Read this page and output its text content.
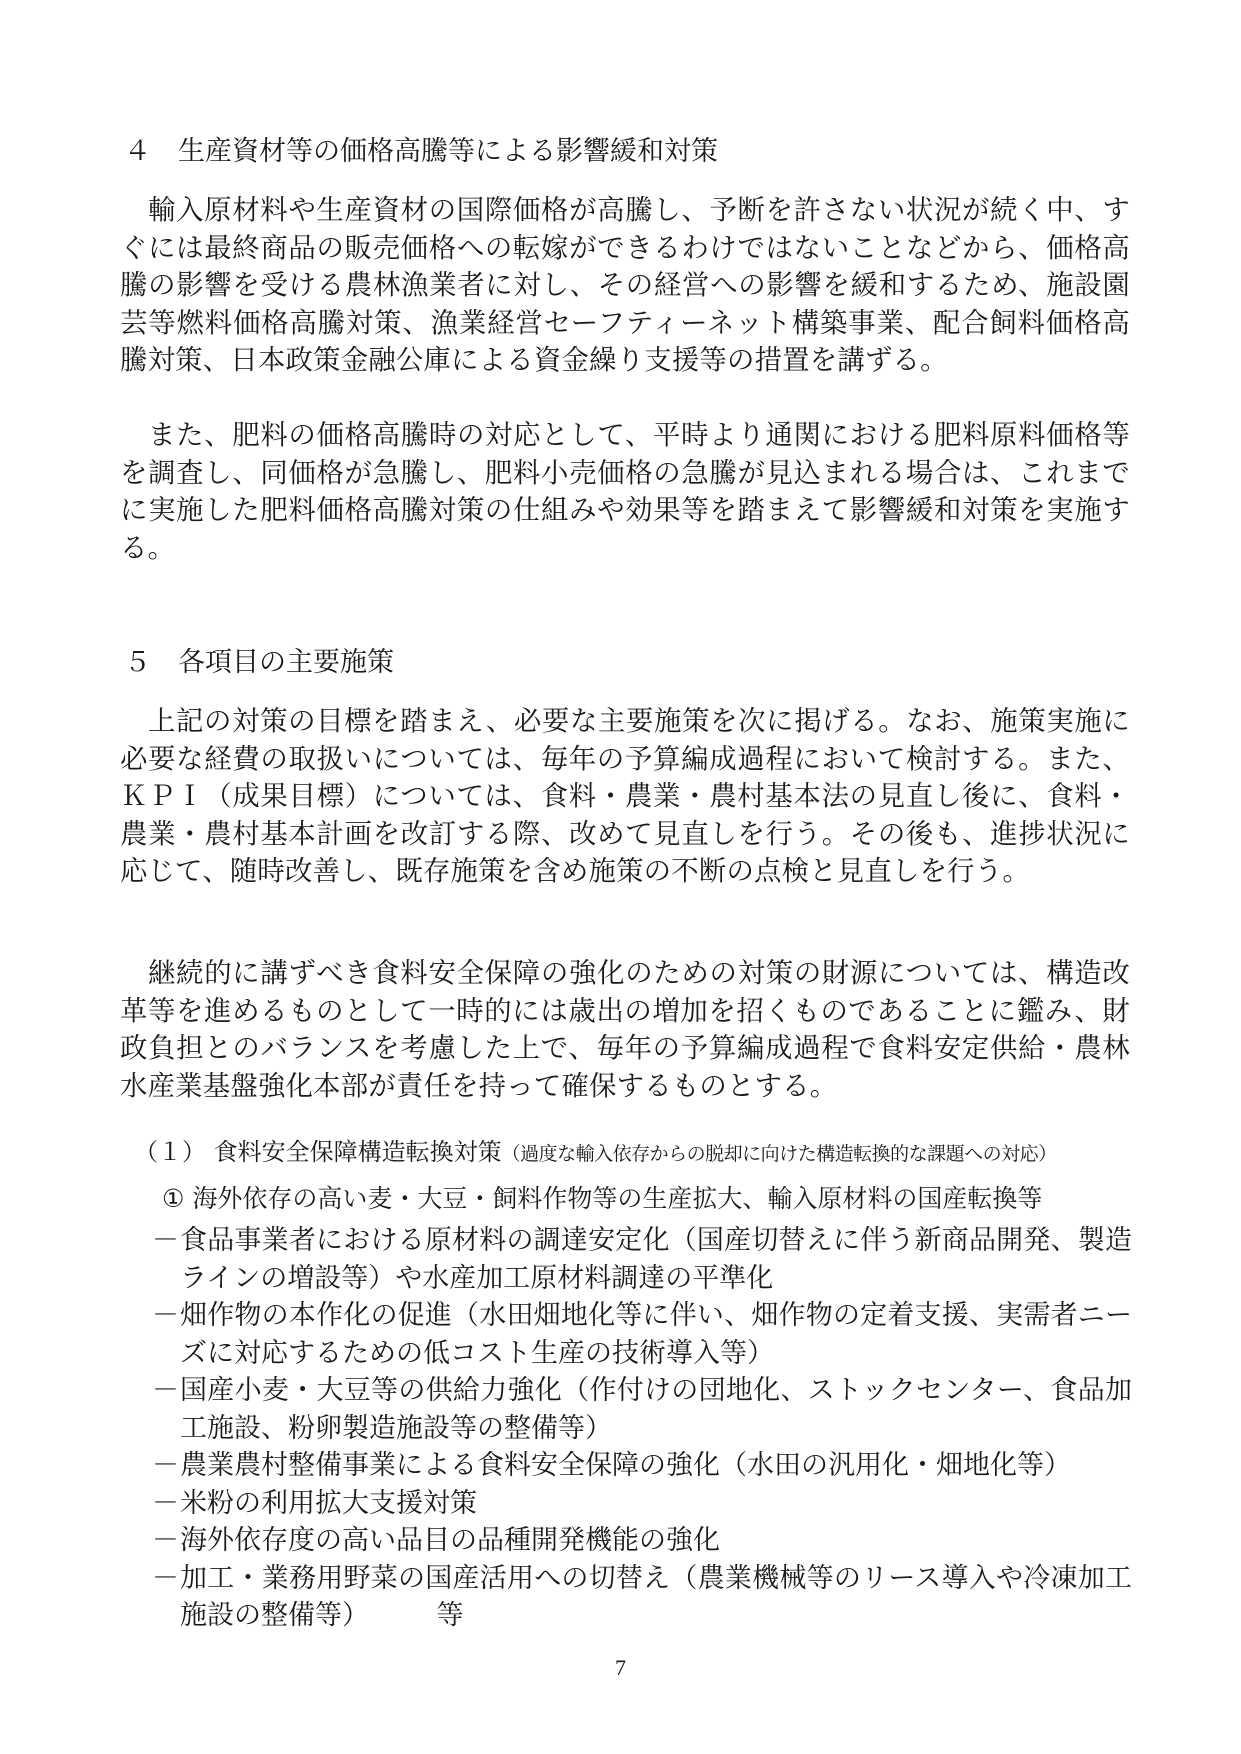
４ 生産資材等の価格高騰等による影響緩和対策
輸入原材料や生産資材の国際価格が高騰し、予断を許さない状況が続く中、すぐには最終商品の販売価格への転嫁ができるわけではないことなどから、価格高騰の影響を受ける農林漁業者に対し、その経営への影響を緩和するため、施設園芸等燃料価格高騰対策、漁業経営セーフティーネット構築事業、配合飼料価格高騰対策、日本政策金融公庫による資金繰り支援等の措置を講ずる。
また、肥料の価格高騰時の対応として、平時より通関における肥料原料価格等を調査し、同価格が急騰し、肥料小売価格の急騰が見込まれる場合は、これまでに実施した肥料価格高騰対策の仕組みや効果等を踏まえて影響緩和対策を実施する。
５ 各項目の主要施策
上記の対策の目標を踏まえ、必要な主要施策を次に掲げる。なお、施策実施に必要な経費の取扱いについては、毎年の予算編成過程において検討する。また、ＫＰＩ（成果目標）については、食料・農業・農村基本法の見直し後に、食料・農業・農村基本計画を改訂する際、改めて見直しを行う。その後も、進捗状況に応じて、随時改善し、既存施策を含め施策の不断の点検と見直しを行う。
継続的に講ずべき食料安全保障の強化のための対策の財源については、構造改革等を進めるものとして一時的には歳出の増加を招くものであることに鑑み、財政負担とのバランスを考慮した上で、毎年の予算編成過程で食料安定供給・農林水産業基盤強化本部が責任を持って確保するものとする。
（１） 食料安全保障構造転換対策（過度な輸入依存からの脱却に向けた構造転換的な課題への対応）
① 海外依存の高い麦・大豆・飼料作物等の生産拡大、輸入原材料の国産転換等
－ 食品事業者における原材料の調達安定化（国産切替えに伴う新商品開発、製造ラインの増設等）や水産加工原材料調達の平準化
－ 畑作物の本作化の促進（水田畑地化等に伴い、畑作物の定着支援、実需者ニーズに対応するための低コスト生産の技術導入等）
－ 国産小麦・大豆等の供給力強化（作付けの団地化、ストックセンター、食品加工施設、粉卵製造施設等の整備等）
－ 農業農村整備事業による食料安全保障の強化（水田の汎用化・畑地化等）
－ 米粉の利用拡大支援対策
－ 海外依存度の高い品目の品種開発機能の強化
－ 加工・業務用野菜の国産活用への切替え（農業機械等のリース導入や冷凍加工施設の整備等）　　　等
7
